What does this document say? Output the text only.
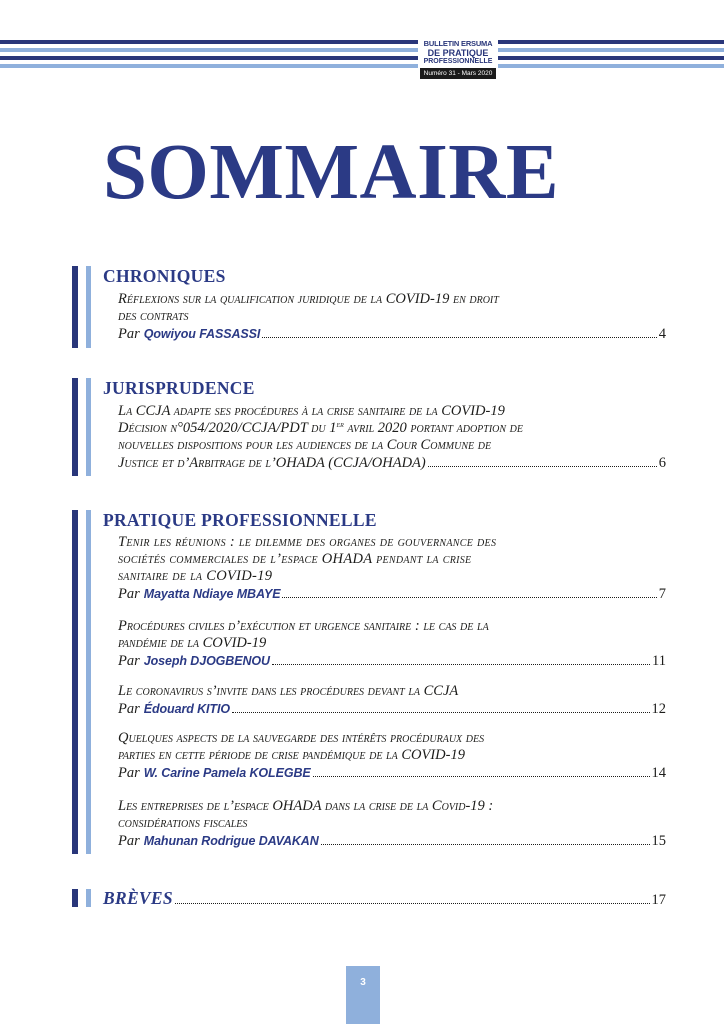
BULLETIN ERSUMA
DE PRATIQUE
PROFESSIONNELLE
Numéro 31 - Mars 2020
SOMMAIRE
CHRONIQUES
Réflexions sur la qualification juridique de la COVID-19 en droit
des contrats
Par Qowiyou FASSASSI	4
JURISPRUDENCE
La CCJA adapte ses procédures à la crise sanitaire de la COVID-19
Décision n°054/2020/CCJA/PDT du 1er avril 2020 portant adoption de
nouvelles dispositions pour les audiences de la Cour Commune de
Justice et d’Arbitrage de l’OHADA (CCJA/OHADA)	6
PRATIQUE PROFESSIONNELLE
Tenir les réunions : le dilemme des organes de gouvernance des
sociétés commerciales de l’espace OHADA pendant la crise
sanitaire de la COVID-19
Par Mayatta Ndiaye MBAYE	7
Procédures civiles d’exécution et urgence sanitaire : le cas de la
pandémie de la COVID-19
Par Joseph DJOGBENOU	11
Le coronavirus s’invite dans les procédures devant la CCJA
Par Édouard KITIO	12
Quelques aspects de la sauvegarde des intérêts procéduraux des
parties en cette période de crise pandémique de la COVID-19
Par W. Carine Pamela KOLEGBE	14
Les entreprises de l’espace OHADA dans la crise de la Covid-19 :
considérations fiscales
Par Mahunan Rodrigue DAVAKAN	15
BRÈVES	17
3
